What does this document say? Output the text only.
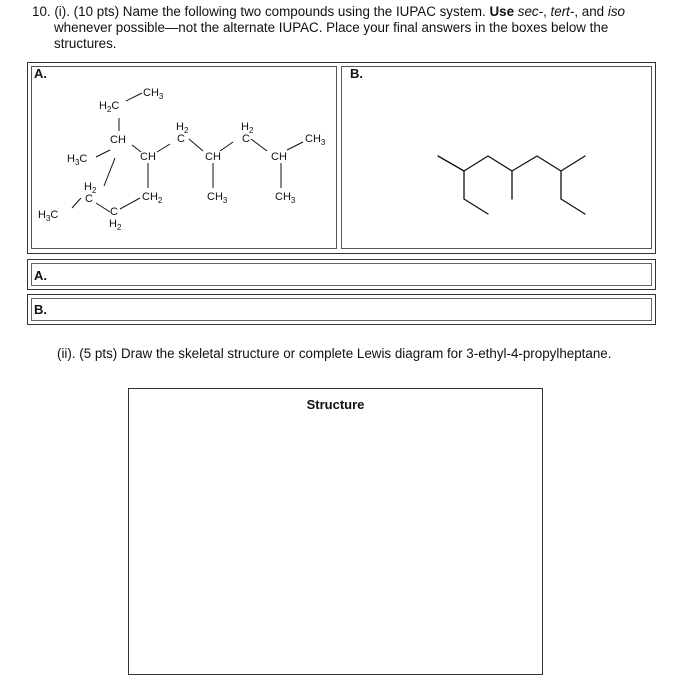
10. (i). (10 pts) Name the following two compounds using the IUPAC system. Use sec-, tert-, and iso
whenever possible—not the alternate IUPAC. Place your final answers in the boxes below the
structures.
A.	B.
$CH_3$
$H_2C$
CH
$H_3C$	CH
$H_2$
C
CH
$H_2$
C
CH
$CH_3$
$H_2$
C	$CH_2$	$CH_3$	$CH_3$
$H_3C$	C
$H_2$
A.
B.
(ii). (5 pts) Draw the skeletal structure or complete Lewis diagram for 3-ethyl-4-propylheptane.
Structure
